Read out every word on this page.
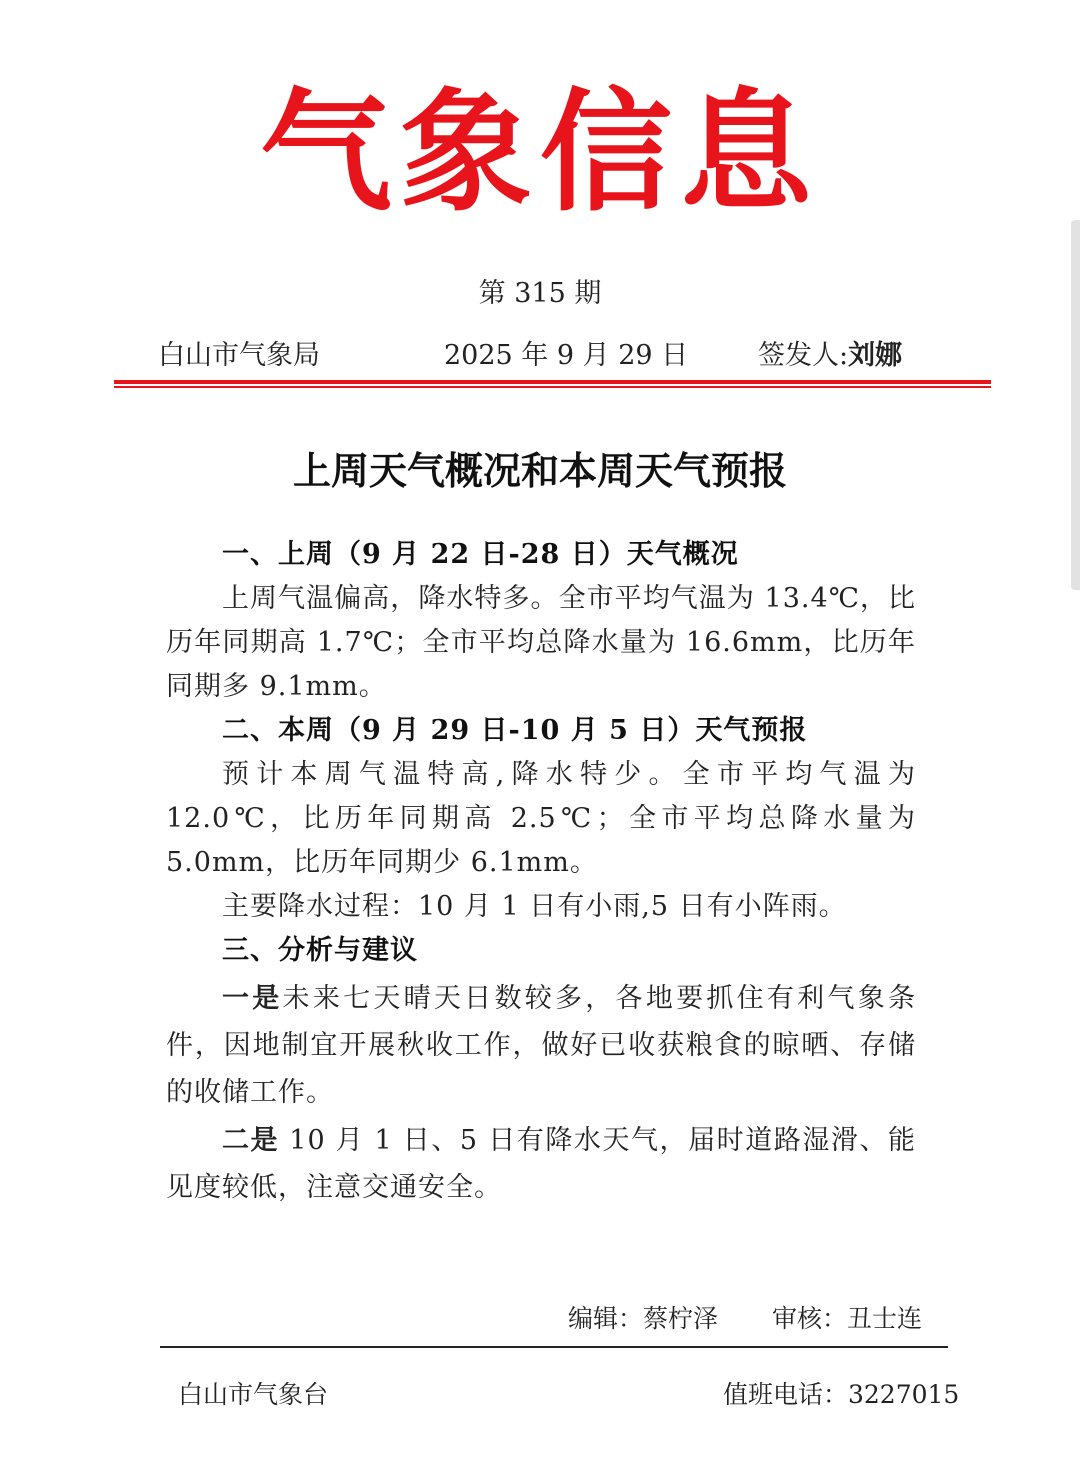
气象信息
第 315 期
白山市气象局	2025 年 9 月 29 日	签发人:刘娜
上周天气概况和本周天气预报
一、上周（9 月 22 日-28 日）天气概况
上周气温偏高，降水特多。全市平均气温为 13.4℃，比历年同期高 1.7℃；全市平均总降水量为 16.6mm，比历年同期多 9.1mm。
二、本周（9 月 29 日-10 月 5 日）天气预报
预计本周气温特高,降水特少。全市平均气温为 12.0℃，比历年同期高 2.5℃；全市平均总降水量为 5.0mm，比历年同期少 6.1mm。
主要降水过程：10 月 1 日有小雨,5 日有小阵雨。
三、分析与建议
一是未来七天晴天日数较多，各地要抓住有利气象条件，因地制宜开展秋收工作，做好已收获粮食的晾晒、存储的收储工作。
二是 10 月 1 日、5 日有降水天气，届时道路湿滑、能见度较低，注意交通安全。
编辑：蔡柠泽 审核：丑士连
白山市气象台	值班电话：3227015
